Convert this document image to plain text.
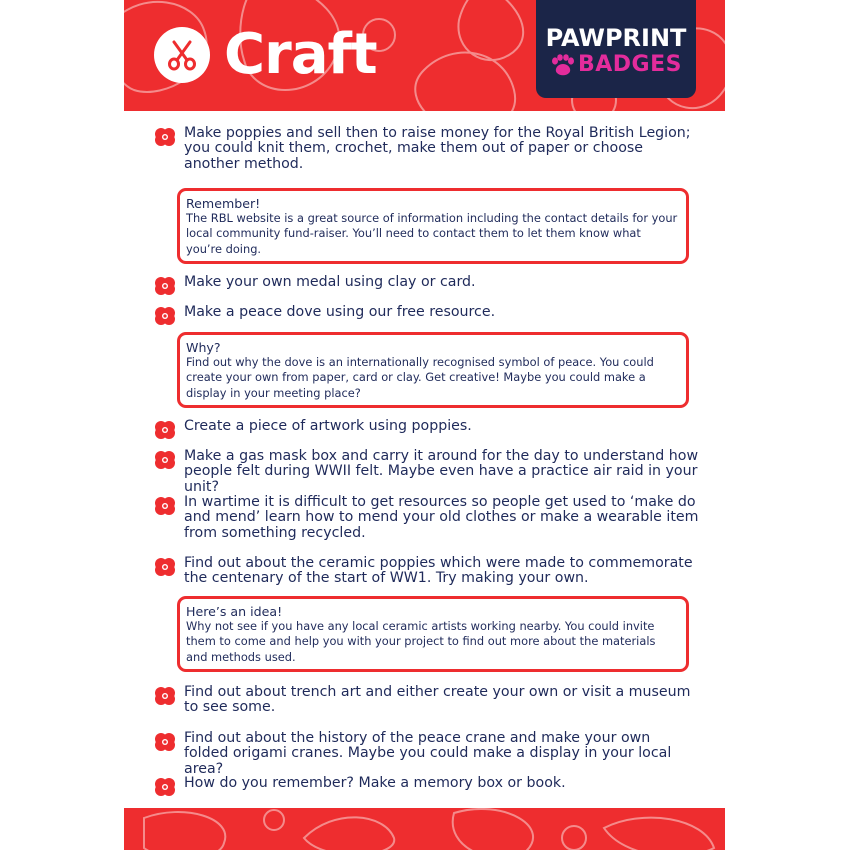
Craft	PAWPRINT
BADGES
Make poppies and sell then to raise money for the Royal British Legion; you could knit them, crochet, make them out of paper or choose another method.
Remember!
The RBL website is a great source of information including the contact details for your local community fund-raiser. You’ll need to contact them to let them know what you’re doing.
Make your own medal using clay or card.
Make a peace dove using our free resource.
Why?
Find out why the dove is an internationally recognised symbol of peace. You could create your own from paper, card or clay. Get creative! Maybe you could make a display in your meeting place?
Create a piece of artwork using poppies.
Make a gas mask box and carry it around for the day to understand how people felt during WWII felt. Maybe even have a practice air raid in your unit?
In wartime it is difficult to get resources so people get used to ‘make do and mend’ learn how to mend your old clothes or make a wearable item from something recycled.
Find out about the ceramic poppies which were made to commemorate the centenary of the start of WW1. Try making your own.
Here’s an idea!
Why not see if you have any local ceramic artists working nearby. You could invite them to come and help you with your project to find out more about the materials and methods used.
Find out about trench art and either create your own or visit a museum to see some.
Find out about the history of the peace crane and make your own folded origami cranes. Maybe you could make a display in your local area?
How do you remember? Make a memory box or book.
